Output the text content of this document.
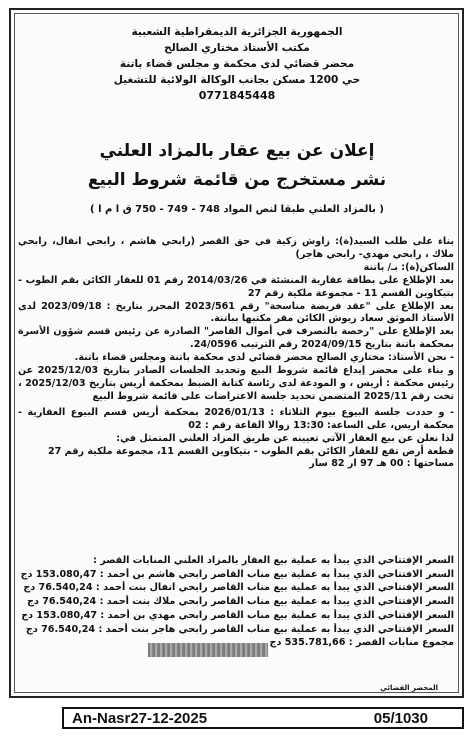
الجمهورية الجزائرية الديمقراطية الشعبية
مكتب الأستاذ مختاري الصالح
محضر قضائي لدى محكمة و مجلس قضاء باتنة
حي 1200 مسكن بجانب الوكالة الولائية للتشغيل
0771845448
إعلان عن بيع عقار بالمزاد العلني
نشر مستخرج من قائمة شروط البيع
( بالمزاد العلني طبقا لنص المواد 748 - 749 - 750 ق ا م ا )

بناء على طلب السيد(ة): زاوش زكية في حق القصر (رابحي هاشم ، رابحي انفال، رابحي ملاك ، رابحي مهدي- رابحي هاجر)

الساكن(ة): بـ/ باتنة

بعد الإطلاع على بطاقة عقارية المنشئة في 2014/03/26 رقم 01 للعقار الكائن بقم الطوب - بتيكاوين القسم 11 - مجموعة ملكية رقم 27

بعد الإطلاع على "عقد فريضة مناسخة" رقم 2023/561 المحرر بتاريخ : 2023/09/18 لدى الأستاذ الموثق سعاد زيوش الكائن مقر مكتبها بباتنة.

بعد الإطلاع على "رخصة بالتصرف في أموال القاصر" الصادرة عن رئيس قسم شؤون الأسرة بمحكمة باتنة بتاريخ 2024/09/15 رقم الترتيب 24/0596.

- نحن الأستاذ: مختاري الصالح محضر قضائي لدى محكمة باتنة ومجلس قضاء باتنة.

و بناء على محضر إيداع قائمة شروط البيع وتحديد الجلسات الصادر بتاريخ 2025/12/03 عن رئيس محكمة : أريس ، و المودعة لدى رئاسة كتابة الضبط بمحكمة أريس بتاريخ 2025/12/03 ، تحت رقم 2025/11 المتضمن تحديد جلسة الاعتراضات على قائمة شروط البيع

- و حددت جلسة البيوع بيوم الثلاثاء : 2026/01/13 بمحكمة أريس قسم البيوع العقارية - محكمة اريس، على الساعة: 13:30 زوالا القاعة رقم : 02

لذا نعلن عن بيع العقار الآتي تعيينه عن طريق المزاد العلني المتمثل في:

قطعة أرض تقع للعقار الكائن بقم الطوب - بتيكاوين القسم 11، مجموعة ملكية رقم 27

مساحتها : 00 هـ 97 ار 82 سار

السعر الإفتتاحي الذي يبدأ به عملية بيع العقار بالمزاد العلني المنابات القصر :
السعر الافتتاحي الذي يبدأ به عملية بيع مناب القاصر رابحي هاشم بن أحمد : 153.080,47 دج
السعر الإفتتاحي الذي يبدأ به عملية بيع مناب القاصر رابحي انفال بنت أحمد : 76.540,24 دج
السعر الإفتتاحي الذي يبدأ به عملية بيع مناب القاصر رابحي ملاك بنت أحمد : 76.540,24 دج
السعر الإفتتاحي الذي يبدأ به عملية بيع مناب القاصر رابحي مهدي بن أحمد : 153.080,47 دج
السعر الإفتتاحي الذي يبدأ به عملية بيع مناب القاصر رابحي هاجر بنت أحمد : 76.540,24 دج
مجموع منابات القصر : 535.781,66 دج
المحضر القضائي
An-Nasr27-12-2025	05/1030
